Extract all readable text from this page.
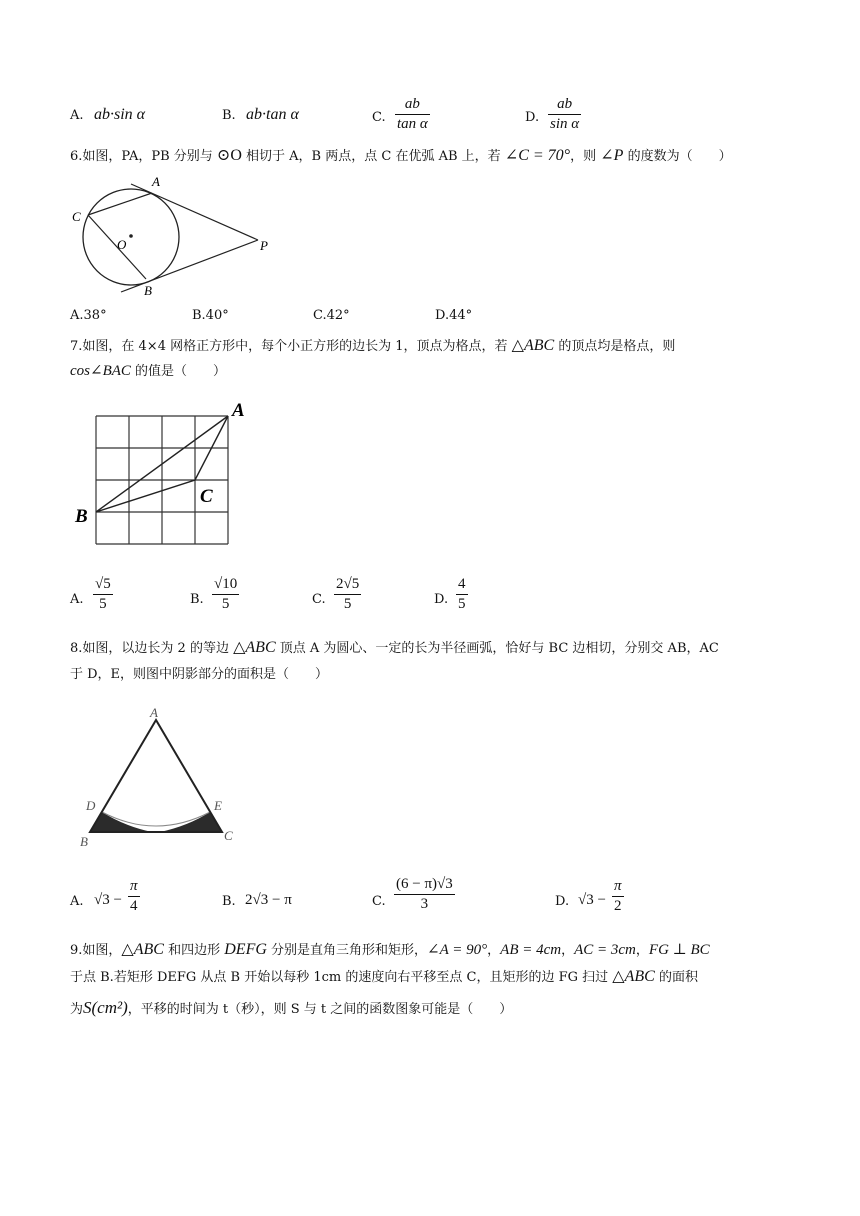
A. ab·sin α	B. ab·tan α	C.
ab
tan α	D.
ab
sin α
6.如图，PA，PB 分别与 ⊙O 相切于 A，B 两点，点 C 在优弧 AB 上，若 ∠C = 70°，则 ∠P 的度数为（　　）
A
C
O	P
B
A.38°	B.40°	C.42°	D.44°
7.如图，在 4×4 网格正方形中，每个小正方形的边长为 1，顶点为格点，若 △ABC 的顶点均是格点，则
cos∠BAC 的值是（　　）
A
B
C
A.
√5
5	B.
√10
5	C.
2√5
5	D.
4
5
8.如图，以边长为 2 的等边 △ABC 顶点 A 为圆心、一定的长为半径画弧，恰好与 BC 边相切，分别交 AB，AC
于 D，E，则图中阴影部分的面积是（　　）
A
D	E
B	C
A. √3 −
π
4	B. 2√3 − π	C.
(6 − π)√3
3	D. √3 −
π
2
9.如图，△ABC 和四边形 DEFG 分别是直角三角形和矩形，∠A = 90°，AB = 4cm，AC = 3cm，FG ⊥ BC
于点 B.若矩形 DEFG 从点 B 开始以每秒 1cm 的速度向右平移至点 C，且矩形的边 FG 扫过 △ABC 的面积
为S(cm²)，平移的时间为 t（秒），则 S 与 t 之间的函数图象可能是（　　）
